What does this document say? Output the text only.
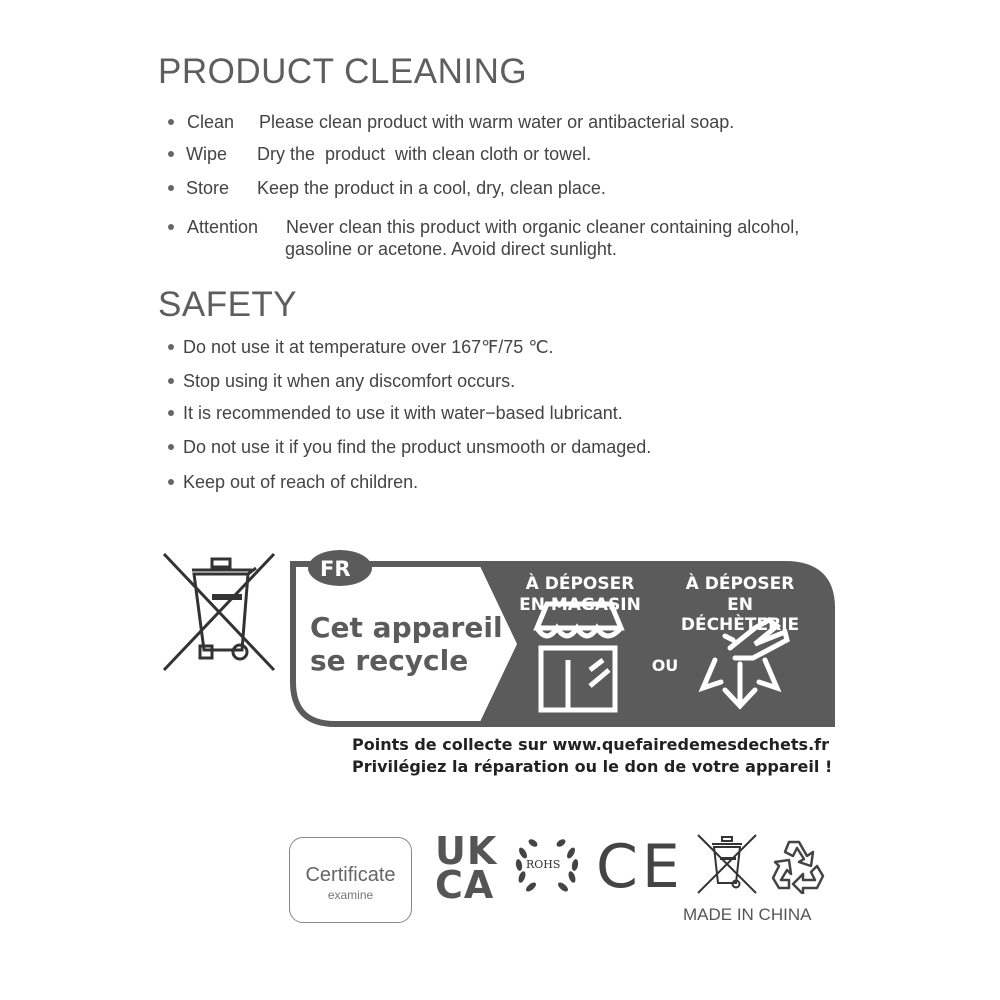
PRODUCT CLEANING
Clean Please clean product with warm water or antibacterial soap.
Wipe Dry the  product  with clean cloth or towel.
Store Keep the product in a cool, dry, clean place.
Attention Never clean this product with organic cleaner containing alcohol,
gasoline or acetone. Avoid direct sunlight.
SAFETY
Do not use it at temperature over 167℉/75 ℃.
Stop using it when any discomfort occurs.
It is recommended to use it with water−based lubricant.
Do not use it if you find the product unsmooth or damaged.
Keep out of reach of children.
FR
Cet appareil
se recycle
À DÉPOSER
EN MAGASIN
À DÉPOSER
EN DÉCHÈTERIE
OU
Points de collecte sur www.quefairedemesdechets.fr
Privilégiez la réparation ou le don de votre appareil !
Certificate
examine
UK
CA	ROHS CE
MADE IN CHINA
